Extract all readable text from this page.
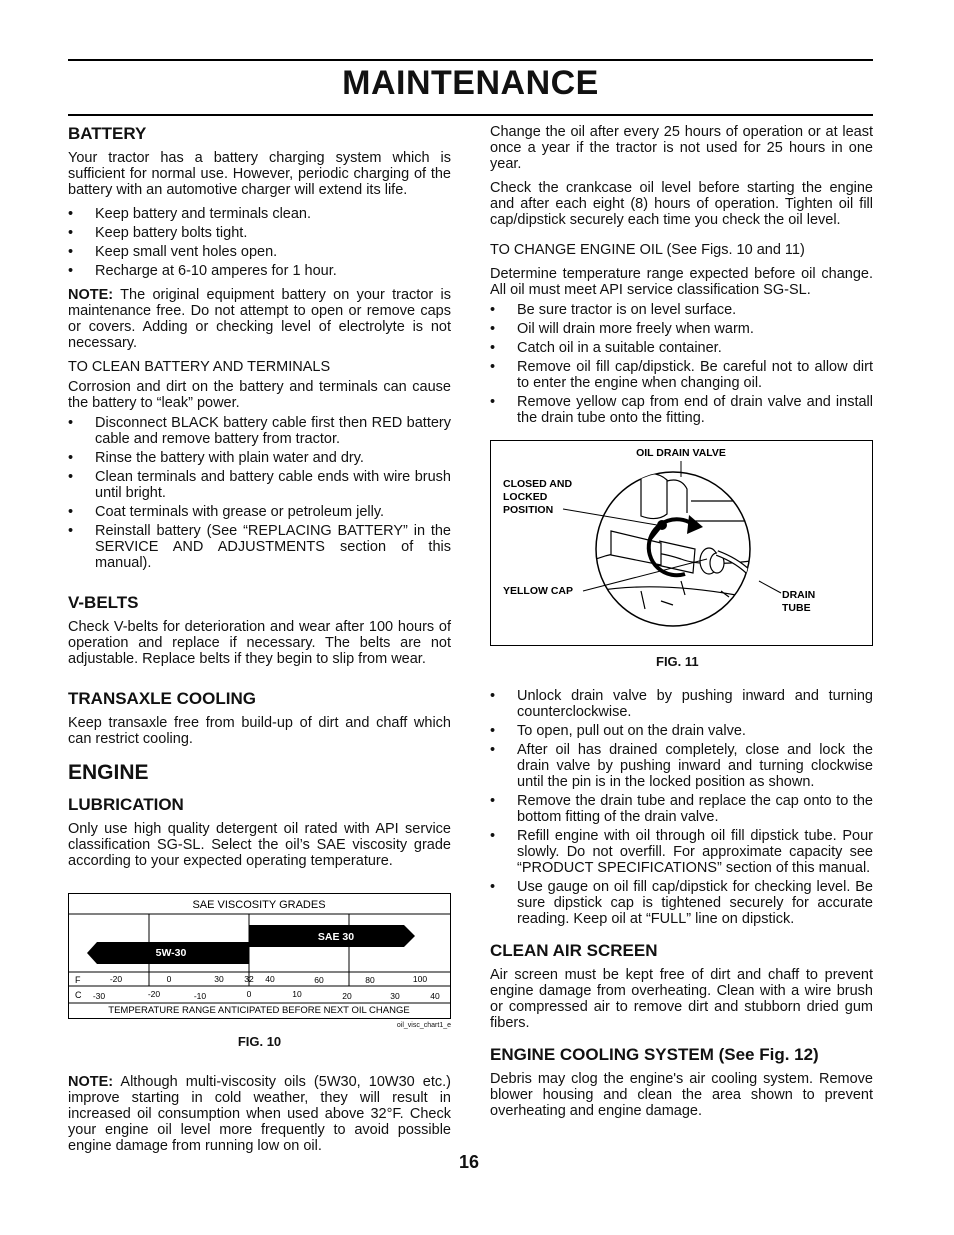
MAINTENANCE
BATTERY

Your tractor has a battery charging system which is sufficient for normal use. However, periodic charging of the battery with an automotive charger will extend its life.

• Keep battery and terminals clean.
• Keep battery bolts tight.
• Keep small vent holes open.
• Recharge at 6-10 amperes for 1 hour.

NOTE: The original equipment battery on your tractor is maintenance free. Do not attempt to open or remove caps or covers. Adding or checking level of electrolyte is not necessary.

TO CLEAN BATTERY AND TERMINALS

Corrosion and dirt on the battery and terminals can cause the battery to “leak” power.

• Disconnect BLACK battery cable first then RED battery cable and remove battery from tractor.
• Rinse the battery with plain water and dry.
• Clean terminals and battery cable ends with wire brush until bright.
• Coat terminals with grease or petroleum jelly.
• Reinstall battery (See “REPLACING BATTERY” in the SERVICE AND ADJUSTMENTS section of this manual).
V-BELTS

Check V-belts for deterioration and wear after 100 hours of operation and replace if necessary. The belts are not adjustable. Replace belts if they begin to slip from wear.

TRANSAXLE COOLING

Keep transaxle free from build-up of dirt and chaff which can restrict cooling.

ENGINE
LUBRICATION

Only use high quality detergent oil rated with API service classification SG-SL. Select the oil’s SAE viscosity grade according to your expected operating temperature.

SAE VISCOSITY GRADES
5W-30
SAE 30
F	-20	0	30 32 40	60	80	100
C -30	-20	-10	0	10	20	30	40
TEMPERATURE RANGE ANTICIPATED BEFORE NEXT OIL CHANGE
oil_visc_chart1_e

FIG. 10

NOTE: Although multi-viscosity oils (5W30, 10W30 etc.) improve starting in cold weather, they will result in increased oil consumption when used above 32°F. Check your engine oil level more frequently to avoid possible engine damage from running low on oil.

Change the oil after every 25 hours of operation or at least once a year if the tractor is not used for 25 hours in one year.

Check the crankcase oil level before starting the engine and after each eight (8) hours of operation. Tighten oil fill cap/dipstick securely each time you check the oil level.

TO CHANGE ENGINE OIL (See Figs. 10 and 11)

Determine temperature range expected before oil change. All oil must meet API service classification SG-SL.

• Be sure tractor is on level surface.
• Oil will drain more freely when warm.
• Catch oil in a suitable container.
• Remove oil fill cap/dipstick. Be careful not to allow dirt to enter the engine when changing oil.
• Remove yellow cap from end of drain valve and install the drain tube onto the fitting.
OIL DRAIN VALVE
CLOSED AND
LOCKED
POSITION
YELLOW CAP	DRAIN
TUBE

FIG. 11

• Unlock drain valve by pushing inward and turning counterclockwise.
• To open, pull out on the drain valve.
• After oil has drained completely, close and lock the drain valve by pushing inward and turning clockwise until the pin is in the locked position as shown.
• Remove the drain tube and replace the cap onto to the bottom fitting of the drain valve.
• Refill engine with oil through oil fill dipstick tube. Pour slowly. Do not overfill. For approximate capacity see “PRODUCT SPECIFICATIONS” section of this manual.
• Use gauge on oil fill cap/dipstick for checking level. Be sure dipstick cap is tightened securely for accurate reading. Keep oil at “FULL” line on dipstick.
CLEAN AIR SCREEN

Air screen must be kept free of dirt and chaff to prevent engine damage from overheating. Clean with a wire brush or compressed air to remove dirt and stubborn dried gum fibers.

ENGINE COOLING SYSTEM (See Fig. 12)

Debris may clog the engine's air cooling system. Remove blower housing and clean the area shown to prevent overheating and engine damage.

16
